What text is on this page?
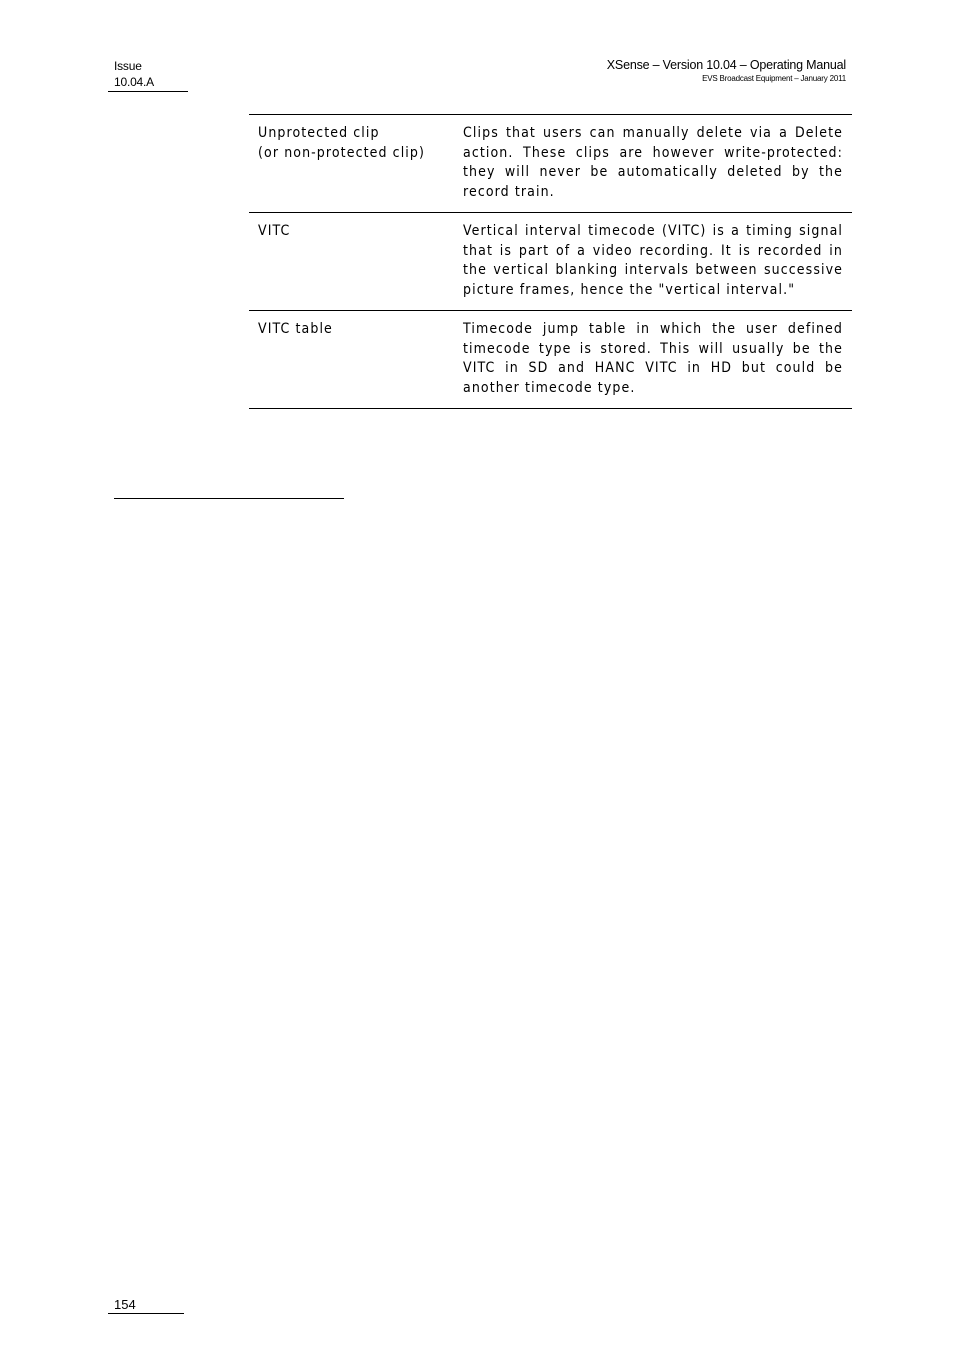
Issue
10.04.A
XSense – Version 10.04 – Operating Manual
EVS Broadcast Equipment – January 2011
Unprotected clip
(or non-protected clip)	Clips that users can manually delete via a Delete action. These clips are however write-protected: they will never be automatically deleted by the record train.

VITC	Vertical interval timecode (VITC) is a timing signal that is part of a video recording. It is recorded in the vertical blanking intervals between successive picture frames, hence the "vertical interval."

VITC table	Timecode jump table in which the user defined timecode type is stored. This will usually be the VITC in SD and HANC VITC in HD but could be another timecode type.
154
